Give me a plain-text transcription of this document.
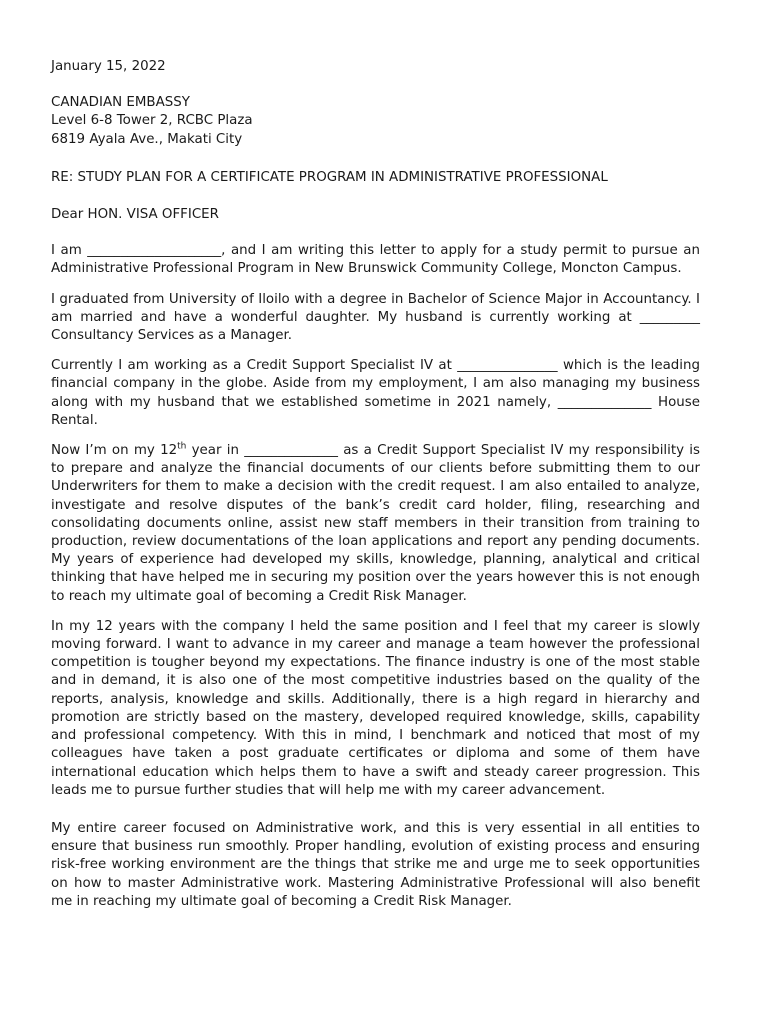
January 15, 2022

CANADIAN EMBASSY

Level 6-8 Tower 2, RCBC Plaza

6819 Ayala Ave., Makati City

RE: STUDY PLAN FOR A CERTIFICATE PROGRAM IN ADMINISTRATIVE PROFESSIONAL

Dear HON. VISA OFFICER

I am ____________________, and I am writing this letter to apply for a study permit to pursue an Administrative Professional Program in New Brunswick Community College, Moncton Campus.

I graduated from University of Iloilo with a degree in Bachelor of Science Major in Accountancy. I am married and have a wonderful daughter. My husband is currently working at _________ Consultancy Services as a Manager.

Currently I am working as a Credit Support Specialist IV at _______________ which is the leading financial company in the globe. Aside from my employment, I am also managing my business along with my husband that we established sometime in 2021 namely, ______________ House Rental.

Now I’m on my 12th year in ______________ as a Credit Support Specialist IV my responsibility is to prepare and analyze the financial documents of our clients before submitting them to our Underwriters for them to make a decision with the credit request. I am also entailed to analyze, investigate and resolve disputes of the bank’s credit card holder, filing, researching and consolidating documents online, assist new staff members in their transition from training to production, review documentations of the loan applications and report any pending documents. My years of experience had developed my skills, knowledge, planning, analytical and critical thinking that have helped me in securing my position over the years however this is not enough to reach my ultimate goal of becoming a Credit Risk Manager.

In my 12 years with the company I held the same position and I feel that my career is slowly moving forward. I want to advance in my career and manage a team however the professional competition is tougher beyond my expectations. The finance industry is one of the most stable and in demand, it is also one of the most competitive industries based on the quality of the reports, analysis, knowledge and skills. Additionally, there is a high regard in hierarchy and promotion are strictly based on the mastery, developed required knowledge, skills, capability and professional competency. With this in mind, I benchmark and noticed that most of my colleagues have taken a post graduate certificates or diploma and some of them have international education which helps them to have a swift and steady career progression. This leads me to pursue further studies that will help me with my career advancement.

My entire career focused on Administrative work, and this is very essential in all entities to ensure that business run smoothly. Proper handling, evolution of existing process and ensuring risk-free working environment are the things that strike me and urge me to seek opportunities on how to master Administrative work. Mastering Administrative Professional will also benefit me in reaching my ultimate goal of becoming a Credit Risk Manager.
